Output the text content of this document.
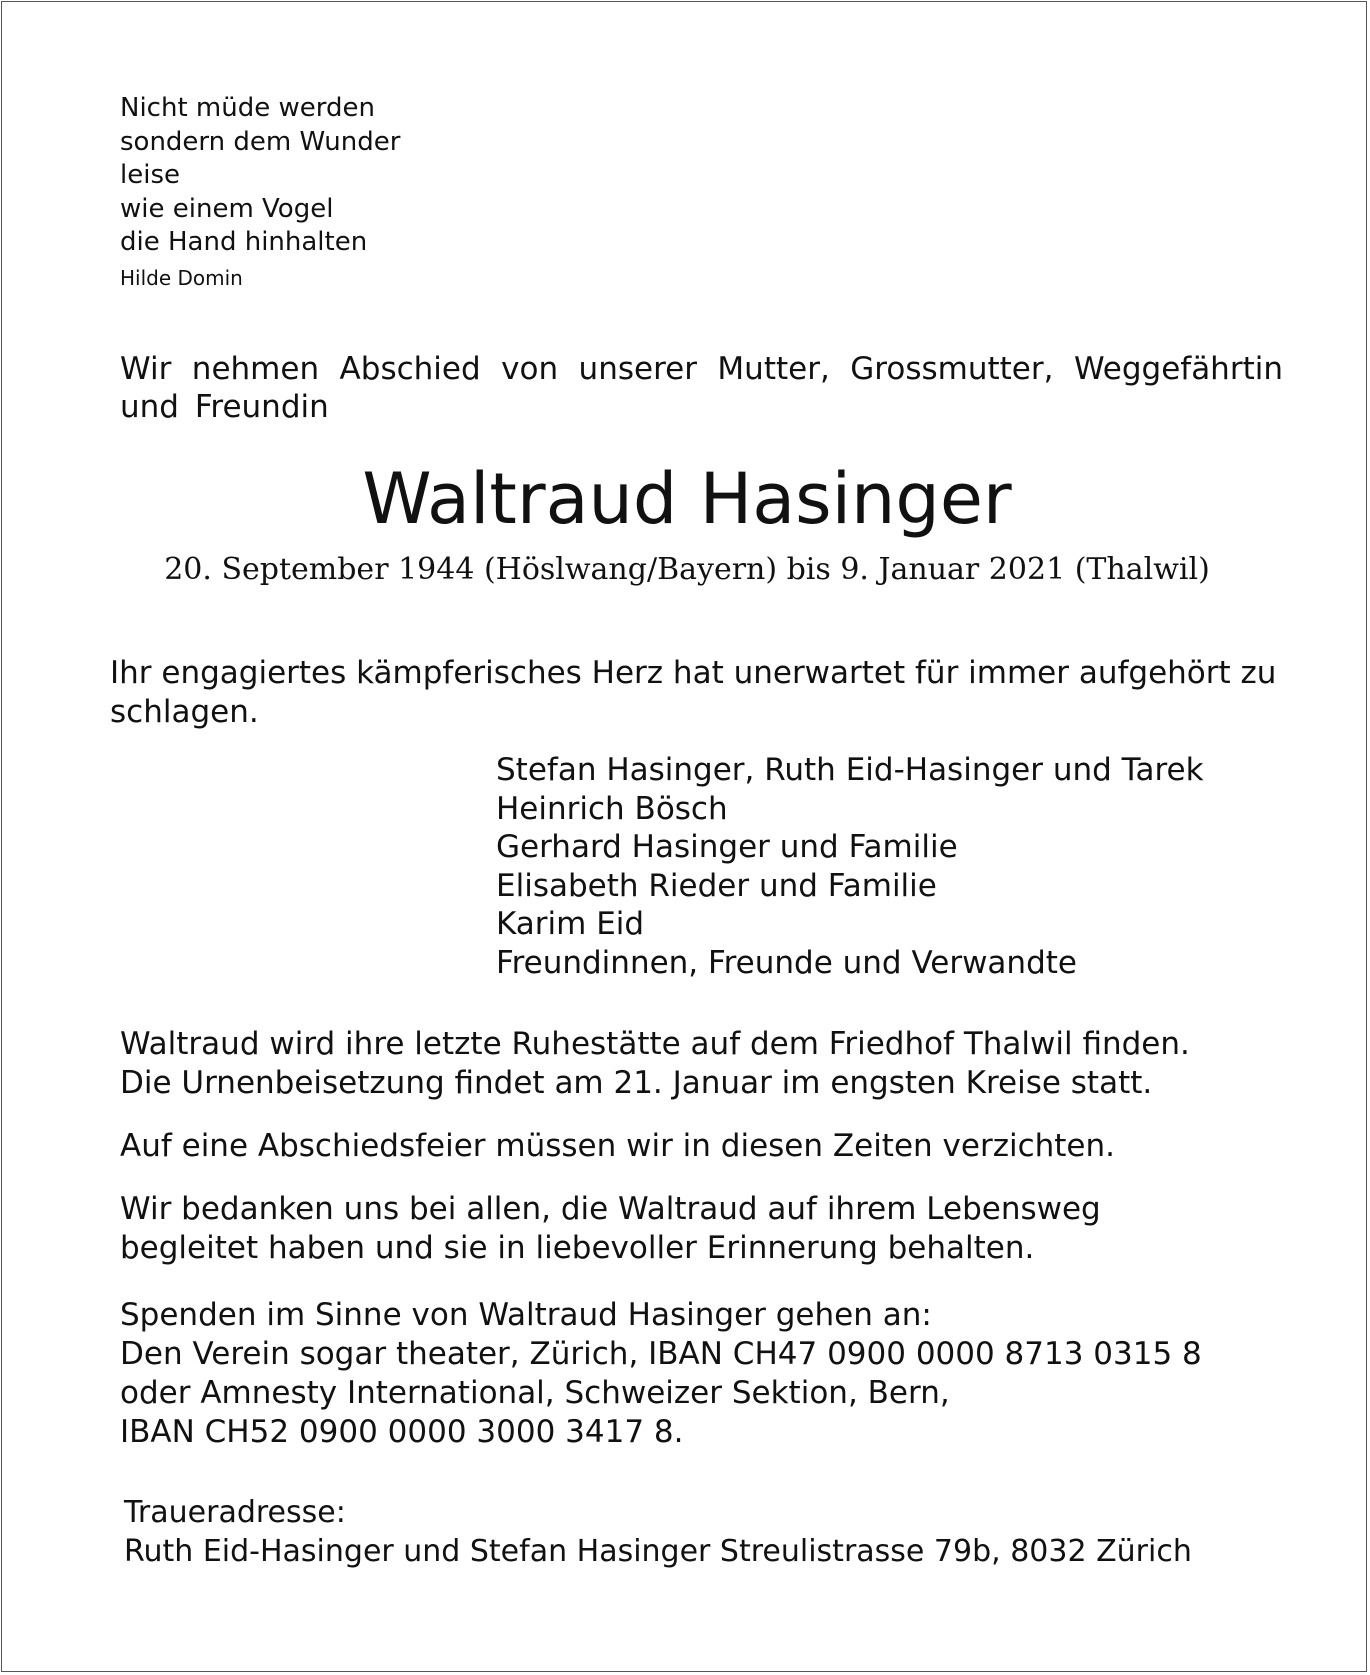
Nicht müde werden
sondern dem Wunder
leise
wie einem Vogel
die Hand hinhalten
Hilde Domin
Wir nehmen Abschied von unserer Mutter, Grossmutter, Weggefährtin und Freundin
Waltraud Hasinger
20. September 1944 (Höslwang/Bayern) bis 9. Januar 2021 (Thalwil)
Ihr engagiertes kämpferisches Herz hat unerwartet für immer aufgehört zu schlagen.
Stefan Hasinger, Ruth Eid-Hasinger und Tarek
Heinrich Bösch
Gerhard Hasinger und Familie
Elisabeth Rieder und Familie
Karim Eid
Freundinnen, Freunde und Verwandte
Waltraud wird ihre letzte Ruhestätte auf dem Friedhof Thalwil finden.
Die Urnenbeisetzung findet am 21. Januar im engsten Kreise statt.
Auf eine Abschiedsfeier müssen wir in diesen Zeiten verzichten.
Wir bedanken uns bei allen, die Waltraud auf ihrem Lebensweg
begleitet haben und sie in liebevoller Erinnerung behalten.
Spenden im Sinne von Waltraud Hasinger gehen an:
Den Verein sogar theater, Zürich, IBAN CH47 0900 0000 8713 0315 8
oder Amnesty International, Schweizer Sektion, Bern,
IBAN CH52 0900 0000 3000 3417 8.
Traueradresse:
Ruth Eid-Hasinger und Stefan Hasinger Streulistrasse 79b, 8032 Zürich
